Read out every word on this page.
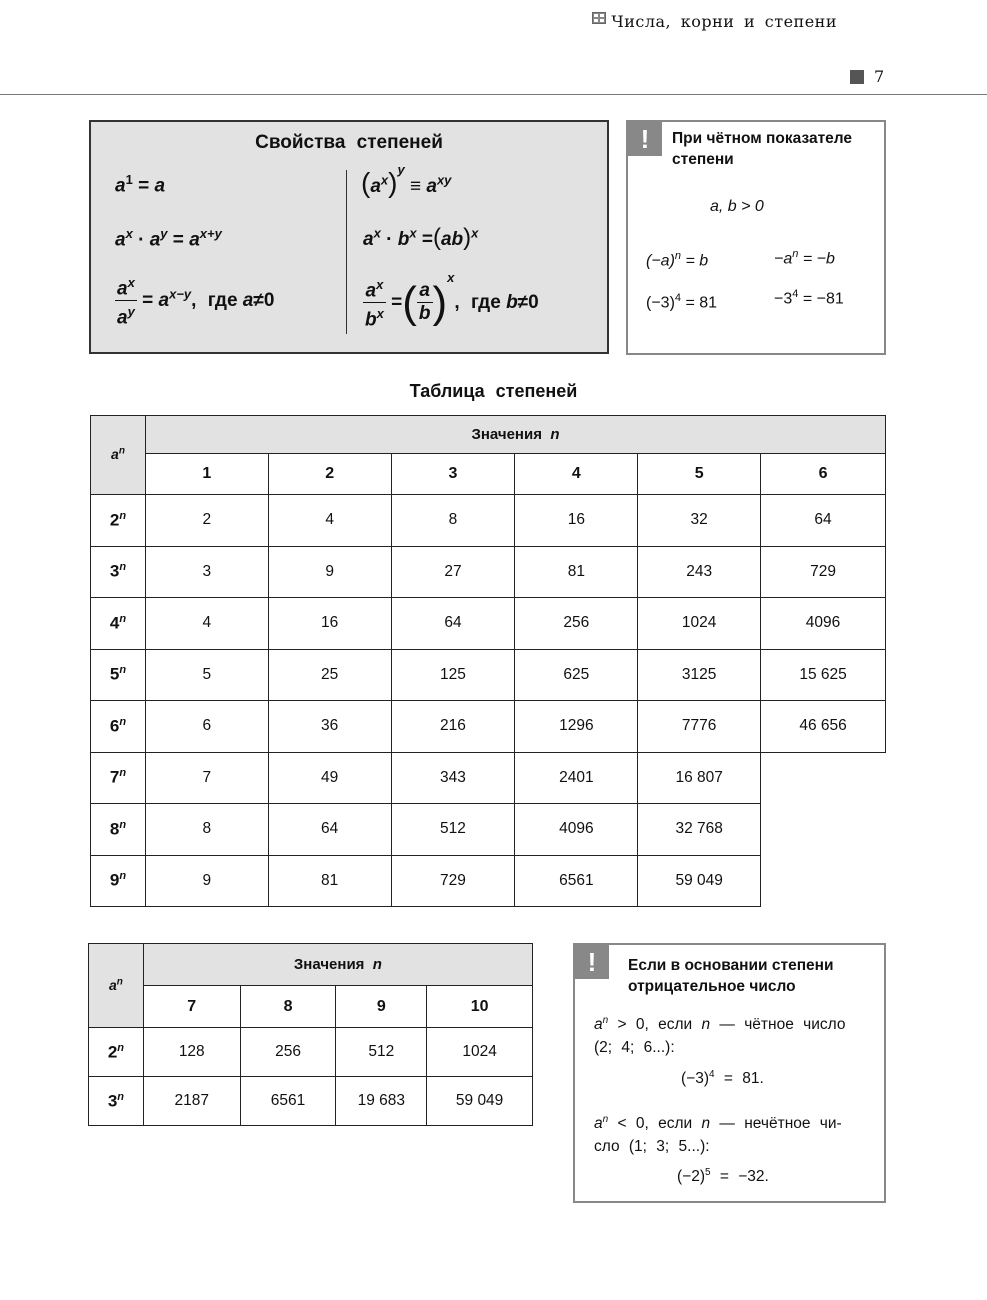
Числа, корни и степени
7
Свойства степеней
$a^1 = a$
$a^x \cdot a^y = a^{x+y}$
$\frac{a^x}{a^y} = a^{x-y}$, где a≠0
$(a^x)^y \equiv a^{xy}$
$a^x \cdot b^x =(ab)^x$
$\frac{a^x}{b^x}$ =( $\frac{a}{b} )^x$, где b≠0
!	При чётном показателе степени
a, b > 0
$(-a)^n = b$	$-a^n = -b$
$(-3)^4 = 81$	$-3^4 = -81$
Таблица степеней
$a^n$	Значения n					
	1	2	3	4	5	6
2$^n$	2	4	8	16	32	64
3$^n$	3	9	27	81	243	729
4$^n$	4	16	64	256	1024	4096
5$^n$	5	25	125	625	3125	15 625
6$^n$	6	36	216	1296	7776	46 656
7$^n$	7	49	343	2401	16 807	
8$^n$	8	64	512	4096	32 768	
9$^n$	9	81	729	6561	59 049	
$a^n$	Значения n			
	7	8	9	10
2$^n$	128	256	512	1024
3$^n$	2187	6561	19 683	59 049
!	Если в основании степени отрицательное число
$a^n > 0$, если n — чётное число
(2; 4; 6...):
$(-3)^4 = 81$.
$a^n < 0$, если n — нечётное чи-
сло (1; 3; 5...):
$(-2)^5 = -32$.
